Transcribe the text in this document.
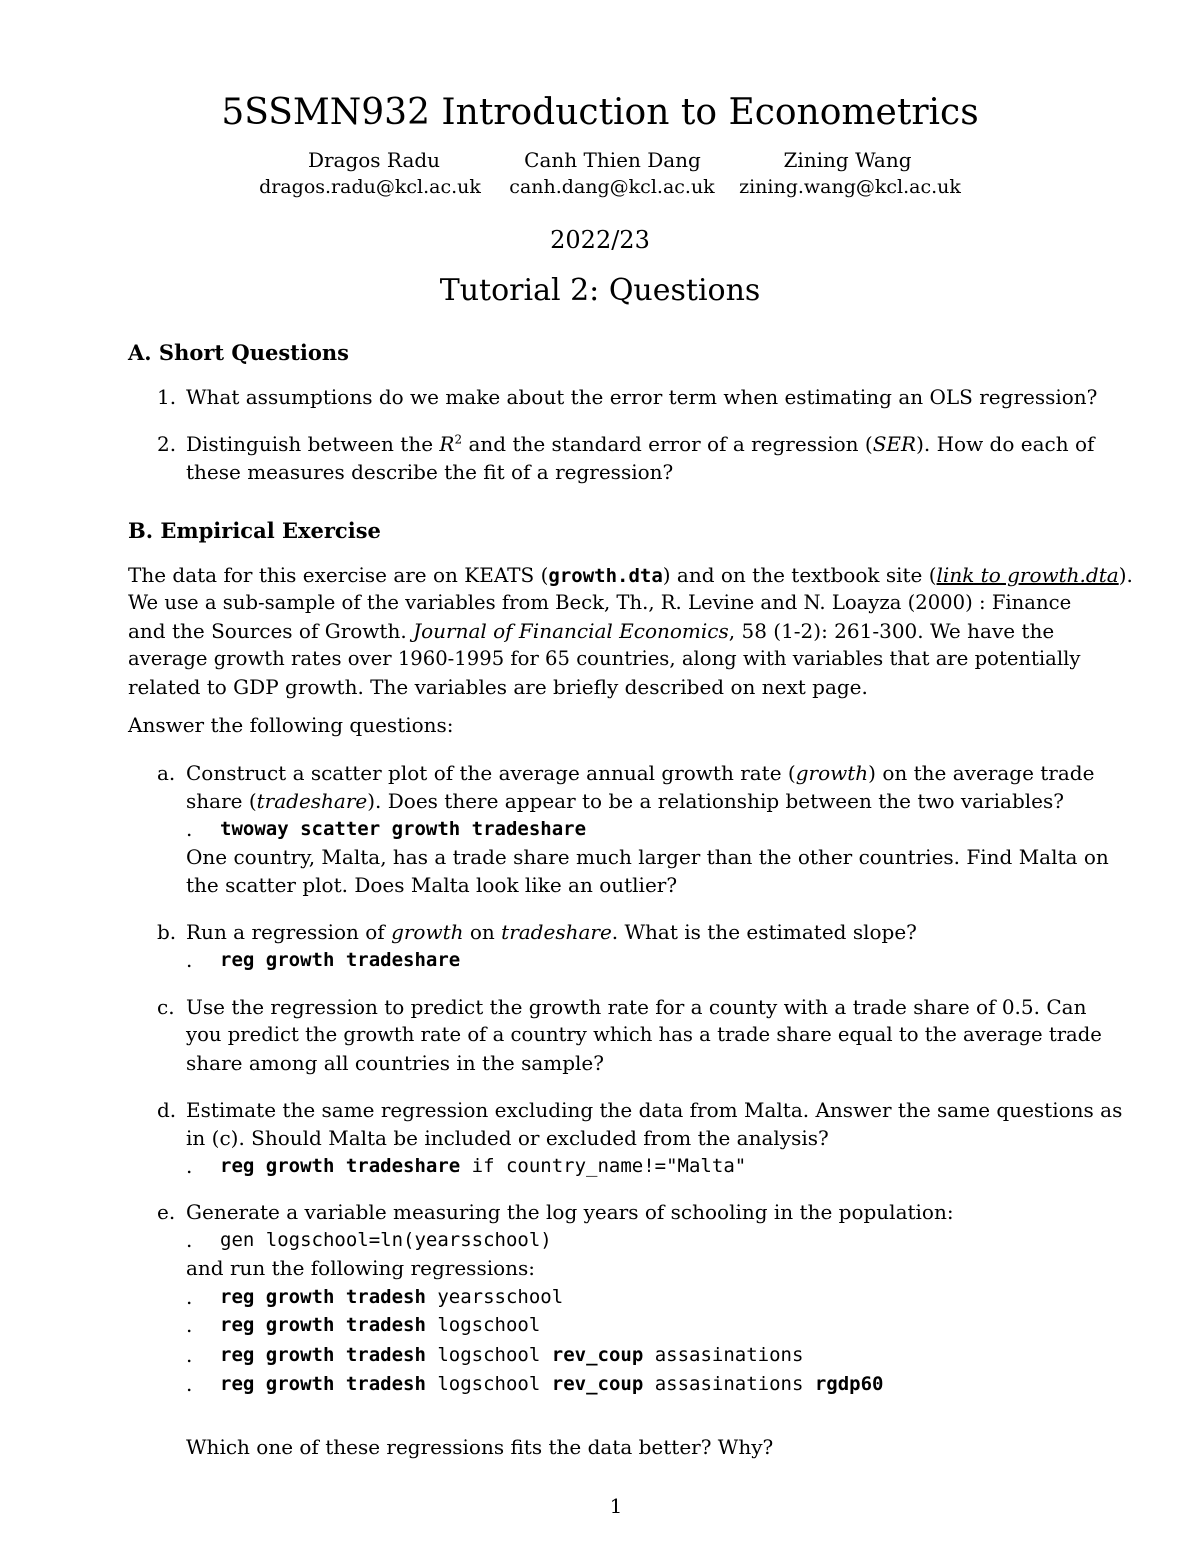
5SSMN932 Introduction to Econometrics
Dragos Radu	Canh Thien Dang	Zining Wang
dragos.radu@kcl.ac.uk	canh.dang@kcl.ac.uk	zining.wang@kcl.ac.uk
2022/23
Tutorial 2: Questions
A. Short Questions
1. What assumptions do we make about the error term when estimating an OLS regression?
2. Distinguish between the $R^2$ and the standard error of a regression (SER). How do each of
these measures describe the fit of a regression?
B. Empirical Exercise
The data for this exercise are on KEATS (growth.dta) and on the textbook site (link to growth.dta).
We use a sub-sample of the variables from Beck, Th., R. Levine and N. Loayza (2000) : Finance
and the Sources of Growth. Journal of Financial Economics, 58 (1-2): 261-300. We have the
average growth rates over 1960-1995 for 65 countries, along with variables that are potentially
related to GDP growth. The variables are briefly described on next page.
Answer the following questions:
a. Construct a scatter plot of the average annual growth rate (growth) on the average trade
share (tradeshare). Does there appear to be a relationship between the two variables?
. twoway scatter growth tradeshare
One country, Malta, has a trade share much larger than the other countries. Find Malta on
the scatter plot. Does Malta look like an outlier?
b. Run a regression of growth on tradeshare. What is the estimated slope?
. reg growth tradeshare
c. Use the regression to predict the growth rate for a county with a trade share of 0.5. Can
you predict the growth rate of a country which has a trade share equal to the average trade
share among all countries in the sample?
d. Estimate the same regression excluding the data from Malta. Answer the same questions as
in (c). Should Malta be included or excluded from the analysis?
. reg growth tradeshare if country_name!="Malta"
e. Generate a variable measuring the log years of schooling in the population:
. gen logschool=ln(yearsschool)
and run the following regressions:
. reg growth tradesh yearsschool
. reg growth tradesh logschool
. reg growth tradesh logschool rev_coup assasinations
. reg growth tradesh logschool rev_coup assasinations rgdp60
Which one of these regressions fits the data better? Why?
1
